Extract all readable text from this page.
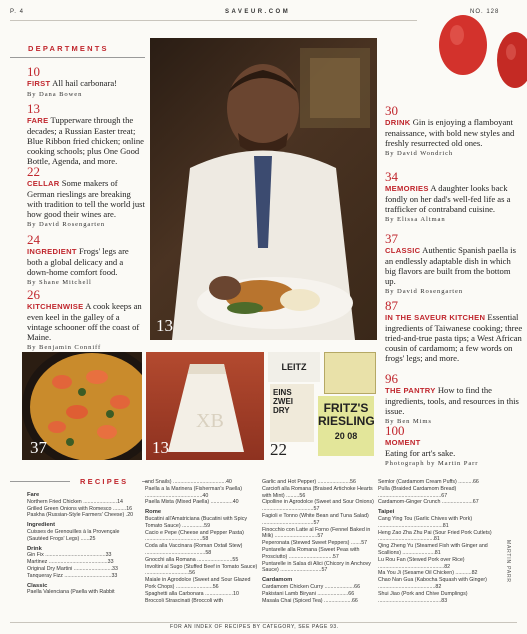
P. 4	SAVEUR.COM	NO. 128
DEPARTMENTS
10
FIRST All hail carbonara!
By Dana Bowen
13
FARE Tupperware through the decades; a Russian Easter treat; Blue Ribbon fried chicken; online cooking schools; plus One Good Bottle, Agenda, and more.
22
CELLAR Some makers of German rieslings are breaking with tradition to tell the world just how good their wines are.
By David Rosengarten
24
INGREDIENT Frogs' legs are both a global delicacy and a down-home comfort food.
By Shane Mitchell
26
KITCHENWISE A cook keeps an even keel in the galley of a vintage schooner off the coast of Maine.
By Benjamin Conniff
13
30
DRINK Gin is enjoying a flamboyant renaissance, with bold new styles and freshly resurrected old ones.
By David Wondrich
34
MEMORIES A daughter looks back fondly on her dad's well-fed life as a trafficker of contraband cuisine.
By Elissa Altman
37
CLASSIC Authentic Spanish paella is an endlessly adaptable dish in which big flavors are built from the bottom up.
By David Rosengarten
87
IN THE SAVEUR KITCHEN Essential ingredients of Taiwanese cooking; three tried-and-true pasta tips; a West African cousin of cardamom; a few words on frogs' legs; and more.
96
THE PANTRY How to find the ingredients, tools, and resources in this issue.
By Ben Mims
100
MOMENT
Eating for art's sake.
Photograph by Martin Parr
37
XB
13
LEITZ
EINS ZWEI DRY	FRITZ'S RIESLING
20 08
22
RECIPES
Fare
Northern Fried Chicken .......................14
Grilled Green Onions with Romesco .........16
Paskha (Russian-Style Farmers' Cheese) .20
Ingredient
Cuisses de Grenouilles à la Provençale (Sautéed Frogs' Legs) ......25
Drink
Gin Fix .........................................33
Martinez ........................................33
Original Dry Martini ..........................33
Tanqueray Fizz ................................33
Classic
Paella Valenciana (Paella with Rabbit
and Snails) ....................................40
Paella a la Marinera (Fisherman's Paella) .......................................40
Paella Mixta (Mixed Paella) ...............40
Rome
Bucatini all'Amatriciana (Bucatini with Spicy Tomato Sauce) ...............59
Cacio e Pepe (Cheese and Pepper Pasta) .......................................58
Coda alla Vaccinara (Roman Oxtail Stew) .........................................58
Gnocchi alla Romana ........................55
Involtini al Sugo (Stuffed Beef in Tomato Sauce) ..............................56
Maiale in Agrodolce (Sweet and Sour Glazed Pork Chops) .........................56
Spaghetti alla Carbonara ...................10
Broccoli Strascinati (Broccoli with
Garlic and Hot Pepper) ......................56
Carciofi alla Romana (Braised Artichoke Hearts with Mint) .........56
Cipolline in Agrodolce (Sweet and Sour Onions) ...................................57
Fagioli e Tonno (White Bean and Tuna Salad) ...................................57
Finocchio con Latte al Forno (Fennel Baked in Milk) .............................57
Peperonata (Stewed Sweet Peppers) .......57
Puntarelle alla Romana (Sweet Peas with Prosciutto) ..............................57
Puntarelle in Salsa di Alici (Chicory in Anchovy Sauce) ............................57
Cardamom
Cardamom Chicken Curry ....................66
Pakistani Lamb Biryani .....................66
Masala Chai (Spiced Tea) ...................66
Semlor (Cardamom Cream Puffs) ..........66
Pulla (Braided Cardamom Bread) ...........................................67
Cardamom-Ginger Crunch .....................67
Taipei
Cang Ying Tou (Garlic Chives with Pork) ............................................81
Heng Zao Zha Zhu Pai (Sour Fried Pork Cutlets) ......................................81
Qing Zheng Yu (Steamed Fish with Ginger and Scallions) ......................81
Lu Rou Fan (Stewed Pork over Rice) .............................................82
Ma You Ji (Sesame Oil Chicken) ...........82
Chao Nan Gua (Kabocha Squash with Ginger) .......................................82
Shui Jiao (Pork and Chive Dumplings) ...........................................83
MARTIN PARR
FOR AN INDEX OF RECIPES BY CATEGORY, SEE PAGE 93.
